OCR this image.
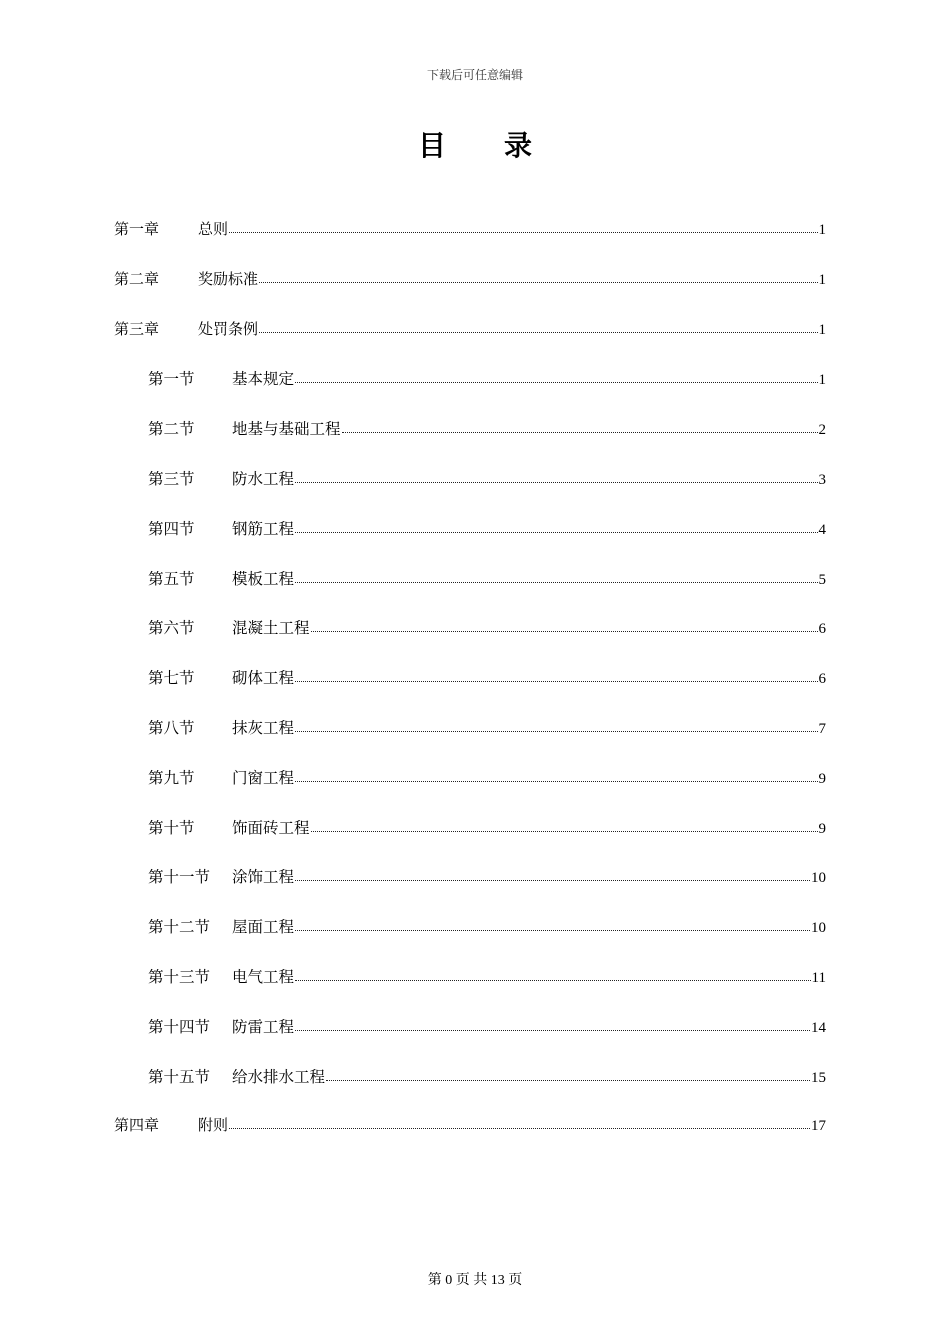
下载后可任意编辑
目 录
第一章	总则	1
第二章	奖励标准	1
第三章	处罚条例	1
第一节	基本规定	1
第二节	地基与基础工程	2
第三节	防水工程	3
第四节	钢筋工程	4
第五节	模板工程	5
第六节	混凝土工程	6
第七节	砌体工程	6
第八节	抹灰工程	7
第九节	门窗工程	9
第十节	饰面砖工程	9
第十一节	涂饰工程	10
第十二节	屋面工程	10
第十三节	电气工程	11
第十四节	防雷工程	14
第十五节	给水排水工程	15
第四章	附则	17
第 0 页 共 13 页
